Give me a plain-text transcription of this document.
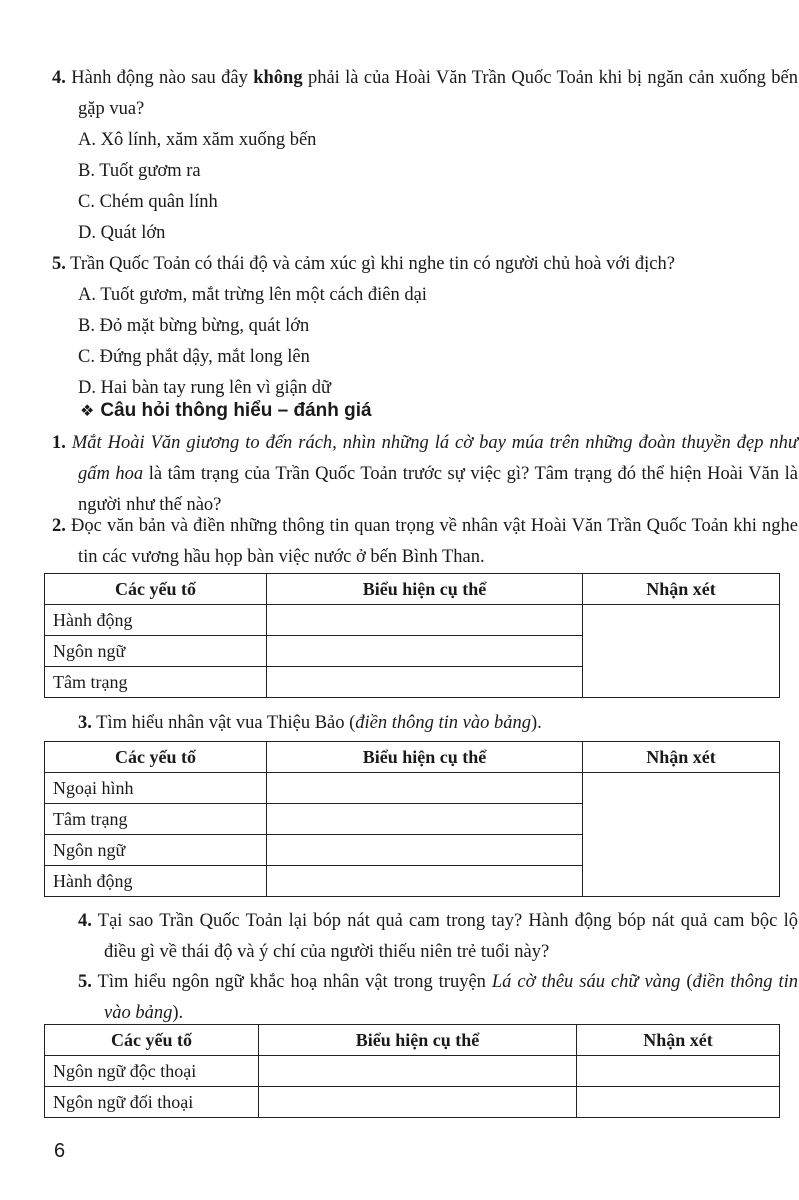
4. Hành động nào sau đây không phải là của Hoài Văn Trần Quốc Toản khi bị ngăn cản xuống bến gặp vua?
A. Xô lính, xăm xăm xuống bến
B. Tuốt gươm ra
C. Chém quân lính
D. Quát lớn
5. Trần Quốc Toản có thái độ và cảm xúc gì khi nghe tin có người chủ hoà với địch?
A. Tuốt gươm, mắt trừng lên một cách điên dại
B. Đỏ mặt bừng bừng, quát lớn
C. Đứng phắt dậy, mắt long lên
D. Hai bàn tay rung lên vì giận dữ
❖ Câu hỏi thông hiểu – đánh giá
1. Mắt Hoài Văn giương to đến rách, nhìn những lá cờ bay múa trên những đoàn thuyền đẹp như gấm hoa là tâm trạng của Trần Quốc Toản trước sự việc gì? Tâm trạng đó thể hiện Hoài Văn là người như thế nào?
2. Đọc văn bản và điền những thông tin quan trọng về nhân vật Hoài Văn Trần Quốc Toản khi nghe tin các vương hầu họp bàn việc nước ở bến Bình Than.
Các yếu tố	Biểu hiện cụ thể	Nhận xét
Hành động		
Ngôn ngữ		
Tâm trạng		
3. Tìm hiểu nhân vật vua Thiệu Bảo (điền thông tin vào bảng).
Các yếu tố	Biểu hiện cụ thể	Nhận xét
Ngoại hình		
Tâm trạng		
Ngôn ngữ		
Hành động		
4. Tại sao Trần Quốc Toản lại bóp nát quả cam trong tay? Hành động bóp nát quả cam bộc lộ điều gì về thái độ và ý chí của người thiếu niên trẻ tuổi này?
5. Tìm hiểu ngôn ngữ khắc hoạ nhân vật trong truyện Lá cờ thêu sáu chữ vàng (điền thông tin vào bảng).
Các yếu tố	Biểu hiện cụ thể	Nhận xét
Ngôn ngữ độc thoại		
Ngôn ngữ đối thoại		
6
